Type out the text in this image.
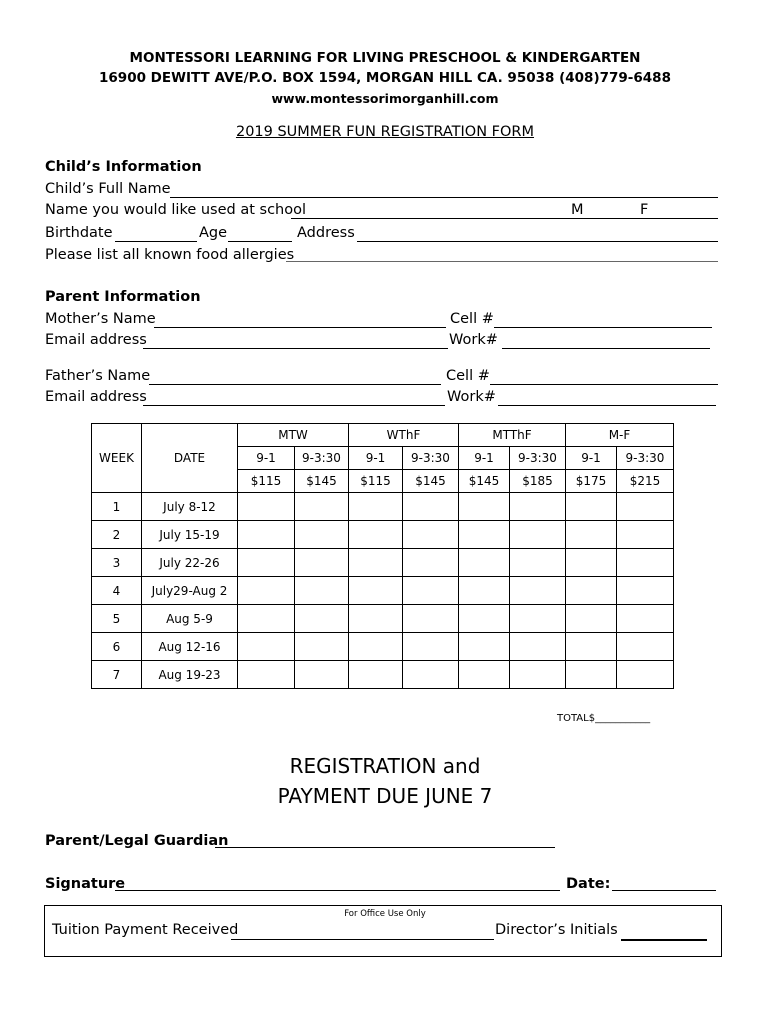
MONTESSORI LEARNING FOR LIVING PRESCHOOL & KINDERGARTEN
16900 DEWITT AVE/P.O. BOX 1594, MORGAN HILL CA. 95038 (408)779-6488
www.montessorimorganhill.com
2019 SUMMER FUN REGISTRATION FORM
Child’s Information
Child’s Full Name
Name you would like used at school	M	F
Birthdate	Age	Address
Please list all known food allergies
Parent Information
Mother’s Name	Cell #
Email address	Work#
Father’s Name	Cell #
Email address	Work#
WEEK	DATE	MTW		WThF		MTThF		M-F	
		9-1	9-3:30	9-1	9-3:30	9-1	9-3:30	9-1	9-3:30
		$115	$145	$115	$145	$145	$185	$175	$215
1	July 8-12								
2	July 15-19								
3	July 22-26								
4	July29-Aug 2								
5	Aug 5-9								
6	Aug 12-16								
7	Aug 19-23								
TOTAL$___________
REGISTRATION and
PAYMENT DUE JUNE 7
Parent/Legal Guardian
Signature	Date:
For Office Use Only
Tuition Payment Received	Director’s Initials
